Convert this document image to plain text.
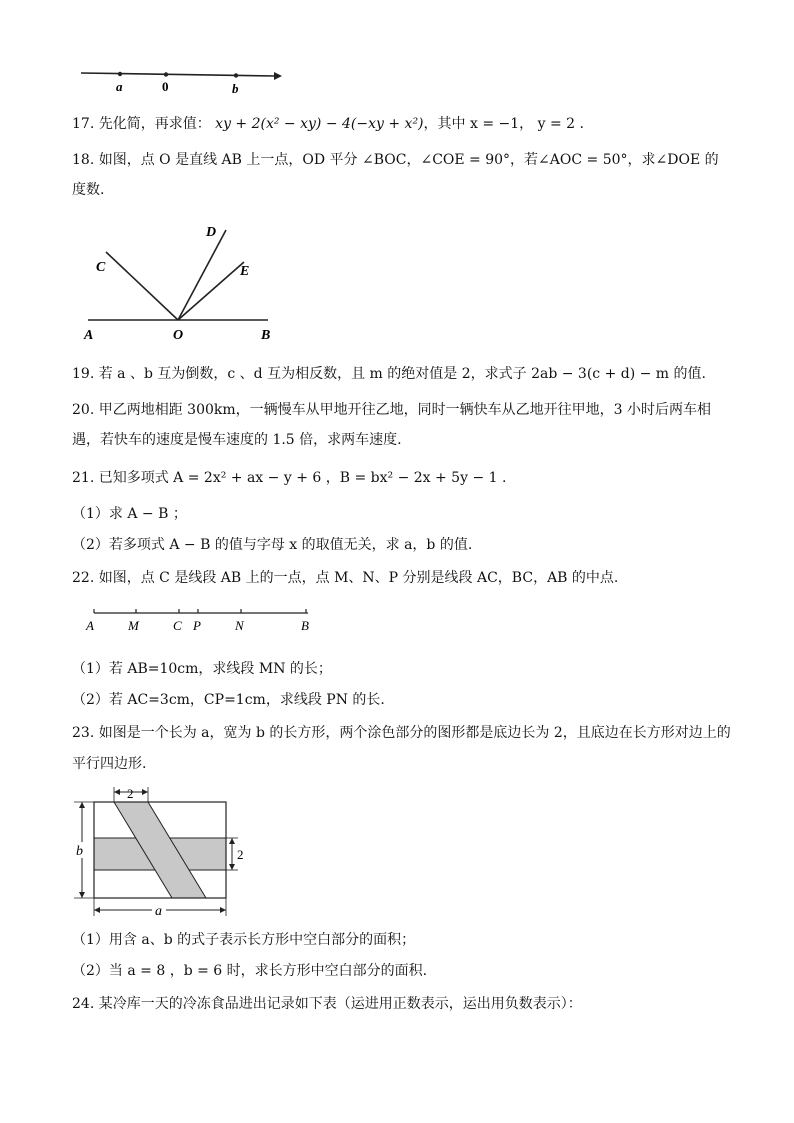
a	0	b
17. 先化简，再求值： xy + 2(x² − xy) − 4(−xy + x²)，其中 x = −1， y = 2 .
18. 如图，点 O 是直线 AB 上一点，OD 平分 ∠BOC，∠COE = 90°，若∠AOC = 50°，求∠DOE 的
度数.
C
D
E
A	O	B
19. 若 a 、b 互为倒数，c 、d 互为相反数，且 m 的绝对值是 2，求式子 2ab − 3(c + d) − m 的值.
20. 甲乙两地相距 300km，一辆慢车从甲地开往乙地，同时一辆快车从乙地开往甲地，3 小时后两车相
遇，若快车的速度是慢车速度的 1.5 倍，求两车速度.
21. 已知多项式 A = 2x² + ax − y + 6 ，B = bx² − 2x + 5y − 1 .
（1）求 A − B ；
（2）若多项式 A − B 的值与字母 x 的取值无关，求 a，b 的值.
22. 如图，点 C 是线段 AB 上的一点，点 M、N、P 分别是线段 AC，BC，AB 的中点.
A	M	C P	N	B
（1）若 AB=10cm，求线段 MN 的长；
（2）若 AC=3cm，CP=1cm，求线段 PN 的长.
23. 如图是一个长为 a，宽为 b 的长方形，两个涂色部分的图形都是底边长为 2，且底边在长方形对边上的
平行四边形.
2
2
b
a
（1）用含 a、b 的式子表示长方形中空白部分的面积；
（2）当 a = 8 ，b = 6 时，求长方形中空白部分的面积.
24. 某冷库一天的冷冻食品进出记录如下表（运进用正数表示，运出用负数表示）：
